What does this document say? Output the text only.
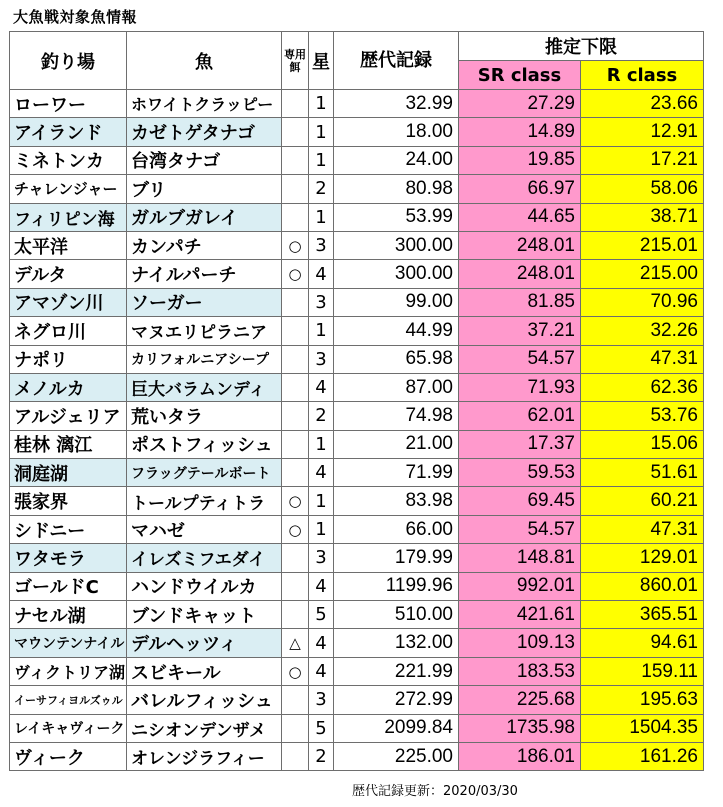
大魚戦対象魚情報
釣り場	魚	専用餌	星	歴代記録	推定下限	
					SR class	R class
ローワー	ホワイトクラッピー		1	32.99	27.29	23.66
アイランド	カゼトゲタナゴ		1	18.00	14.89	12.91
ミネトンカ	台湾タナゴ		1	24.00	19.85	17.21
チャレンジャー	ブリ		2	80.98	66.97	58.06
フィリピン海	ガルブガレイ		1	53.99	44.65	38.71
太平洋	カンパチ	○	3	300.00	248.01	215.01
デルタ	ナイルパーチ	○	4	300.00	248.01	215.00
アマゾン川	ソーガー		3	99.00	81.85	70.96
ネグロ川	マヌエリピラニア		1	44.99	37.21	32.26
ナポリ	カリフォルニアシープ		3	65.98	54.57	47.31
メノルカ	巨大バラムンディ		4	87.00	71.93	62.36
アルジェリア	荒いタラ		2	74.98	62.01	53.76
桂林 漓江	ポストフィッシュ		1	21.00	17.37	15.06
洞庭湖	フラッグテールボート		4	71.99	59.53	51.61
張家界	トールプティトラ	○	1	83.98	69.45	60.21
シドニー	マハゼ	○	1	66.00	54.57	47.31
ワタモラ	イレズミフエダイ		3	179.99	148.81	129.01
ゴールドC	ハンドウイルカ		4	1199.96	992.01	860.01
ナセル湖	ブンドキャット		5	510.00	421.61	365.51
マウンテンナイル	デルヘッツィ	△	4	132.00	109.13	94.61
ヴィクトリア湖	スビキール	○	4	221.99	183.53	159.11
イーサフィヨルズゥル	バレルフィッシュ		3	272.99	225.68	195.63
レイキャヴィーク	ニシオンデンザメ		5	2099.84	1735.98	1504.35
ヴィーク	オレンジラフィー		2	225.00	186.01	161.26
歴代記録更新：2020/03/30
